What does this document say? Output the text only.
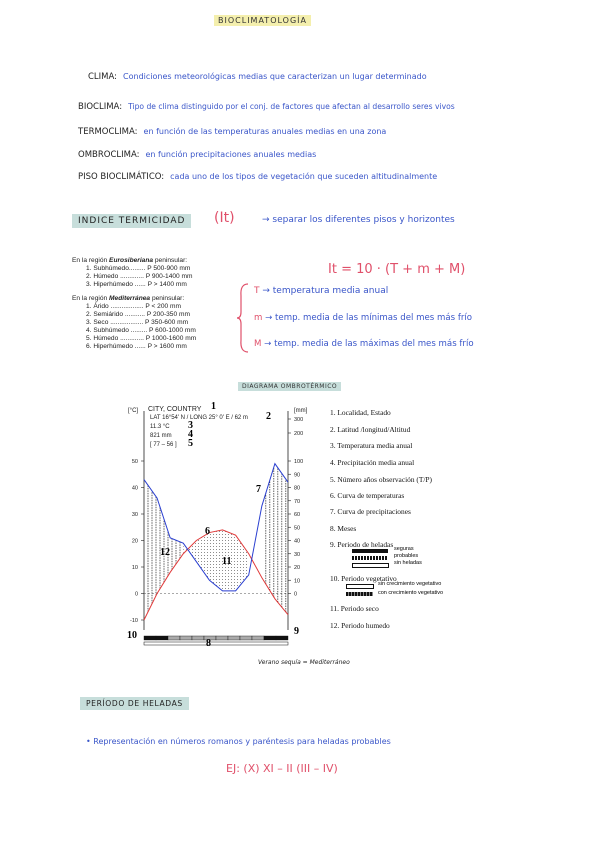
BIOCLIMATOLOGÍA
CLIMA: Condiciones meteorológicas medias que caracterizan un lugar determinado
BIOCLIMA: Tipo de clima distinguido por el conj. de factores que afectan al desarrollo seres vivos
TERMOCLIMA: en función de las temperaturas anuales medias en una zona
OMBROCLIMA: en función precipitaciones anuales medias
PISO BIOCLIMÁTICO: cada uno de los tipos de vegetación que suceden altitudinalmente
INDICE TERMICIDAD	(It)	→ separar los diferentes pisos y horizontes
En la región Eurosiberiana peninsular:
1. Subhúmedo......... P 500-900 mm
2. Húmedo ............. P 900-1400 mm
3. Hiperhúmedo ...... P > 1400 mm
En la región Mediterránea peninsular:
1. Árido .................. P < 200 mm
2. Semiárido ........... P 200-350 mm
3. Seco .................. P 350-600 mm
4. Subhúmedo ......... P 600-1000 mm
5. Húmedo ............. P 1000-1600 mm
6. Hiperhúmedo ...... P > 1600 mm
It = 10 · (T + m + M)
T → temperatura media anual
m → temp. media de las mínimas del mes más frío
M → temp. media de las máximas del mes más frío
DIAGRAMA OMBROTÉRMICO
50
40
30
20
10
0
-10
300
200
100
90
80
70
60
50
40
30
20
10
0
CITY, COUNTRY
LAT 16°54' N / LONG 25° 0' E / 62 m
11.3 °C
821 mm
[ 77 – 56 ]
[°C]	[mm]
1
2
3
4
5
6
7
8
9
10
11
12
1. Localidad, Estado
2. Latitud /longitud/Altitud
3. Temperatura media anual
4. Precipitación media anual
5. Número años observación (T/P)
6. Curva de temperaturas
7. Curva de precipitaciones
8. Meses
9. Periodo de heladas
10. Periodo vegetativo
11. Periodo seco
12. Periodo humedo
seguras
probables
sin heladas
sin crecimiento vegetativo
con crecimiento vegetativo
Verano sequía = Mediterráneo
PERÍODO DE HELADAS
• Representación en números romanos y paréntesis para heladas probables
EJ: (X) XI – II (III – IV)
